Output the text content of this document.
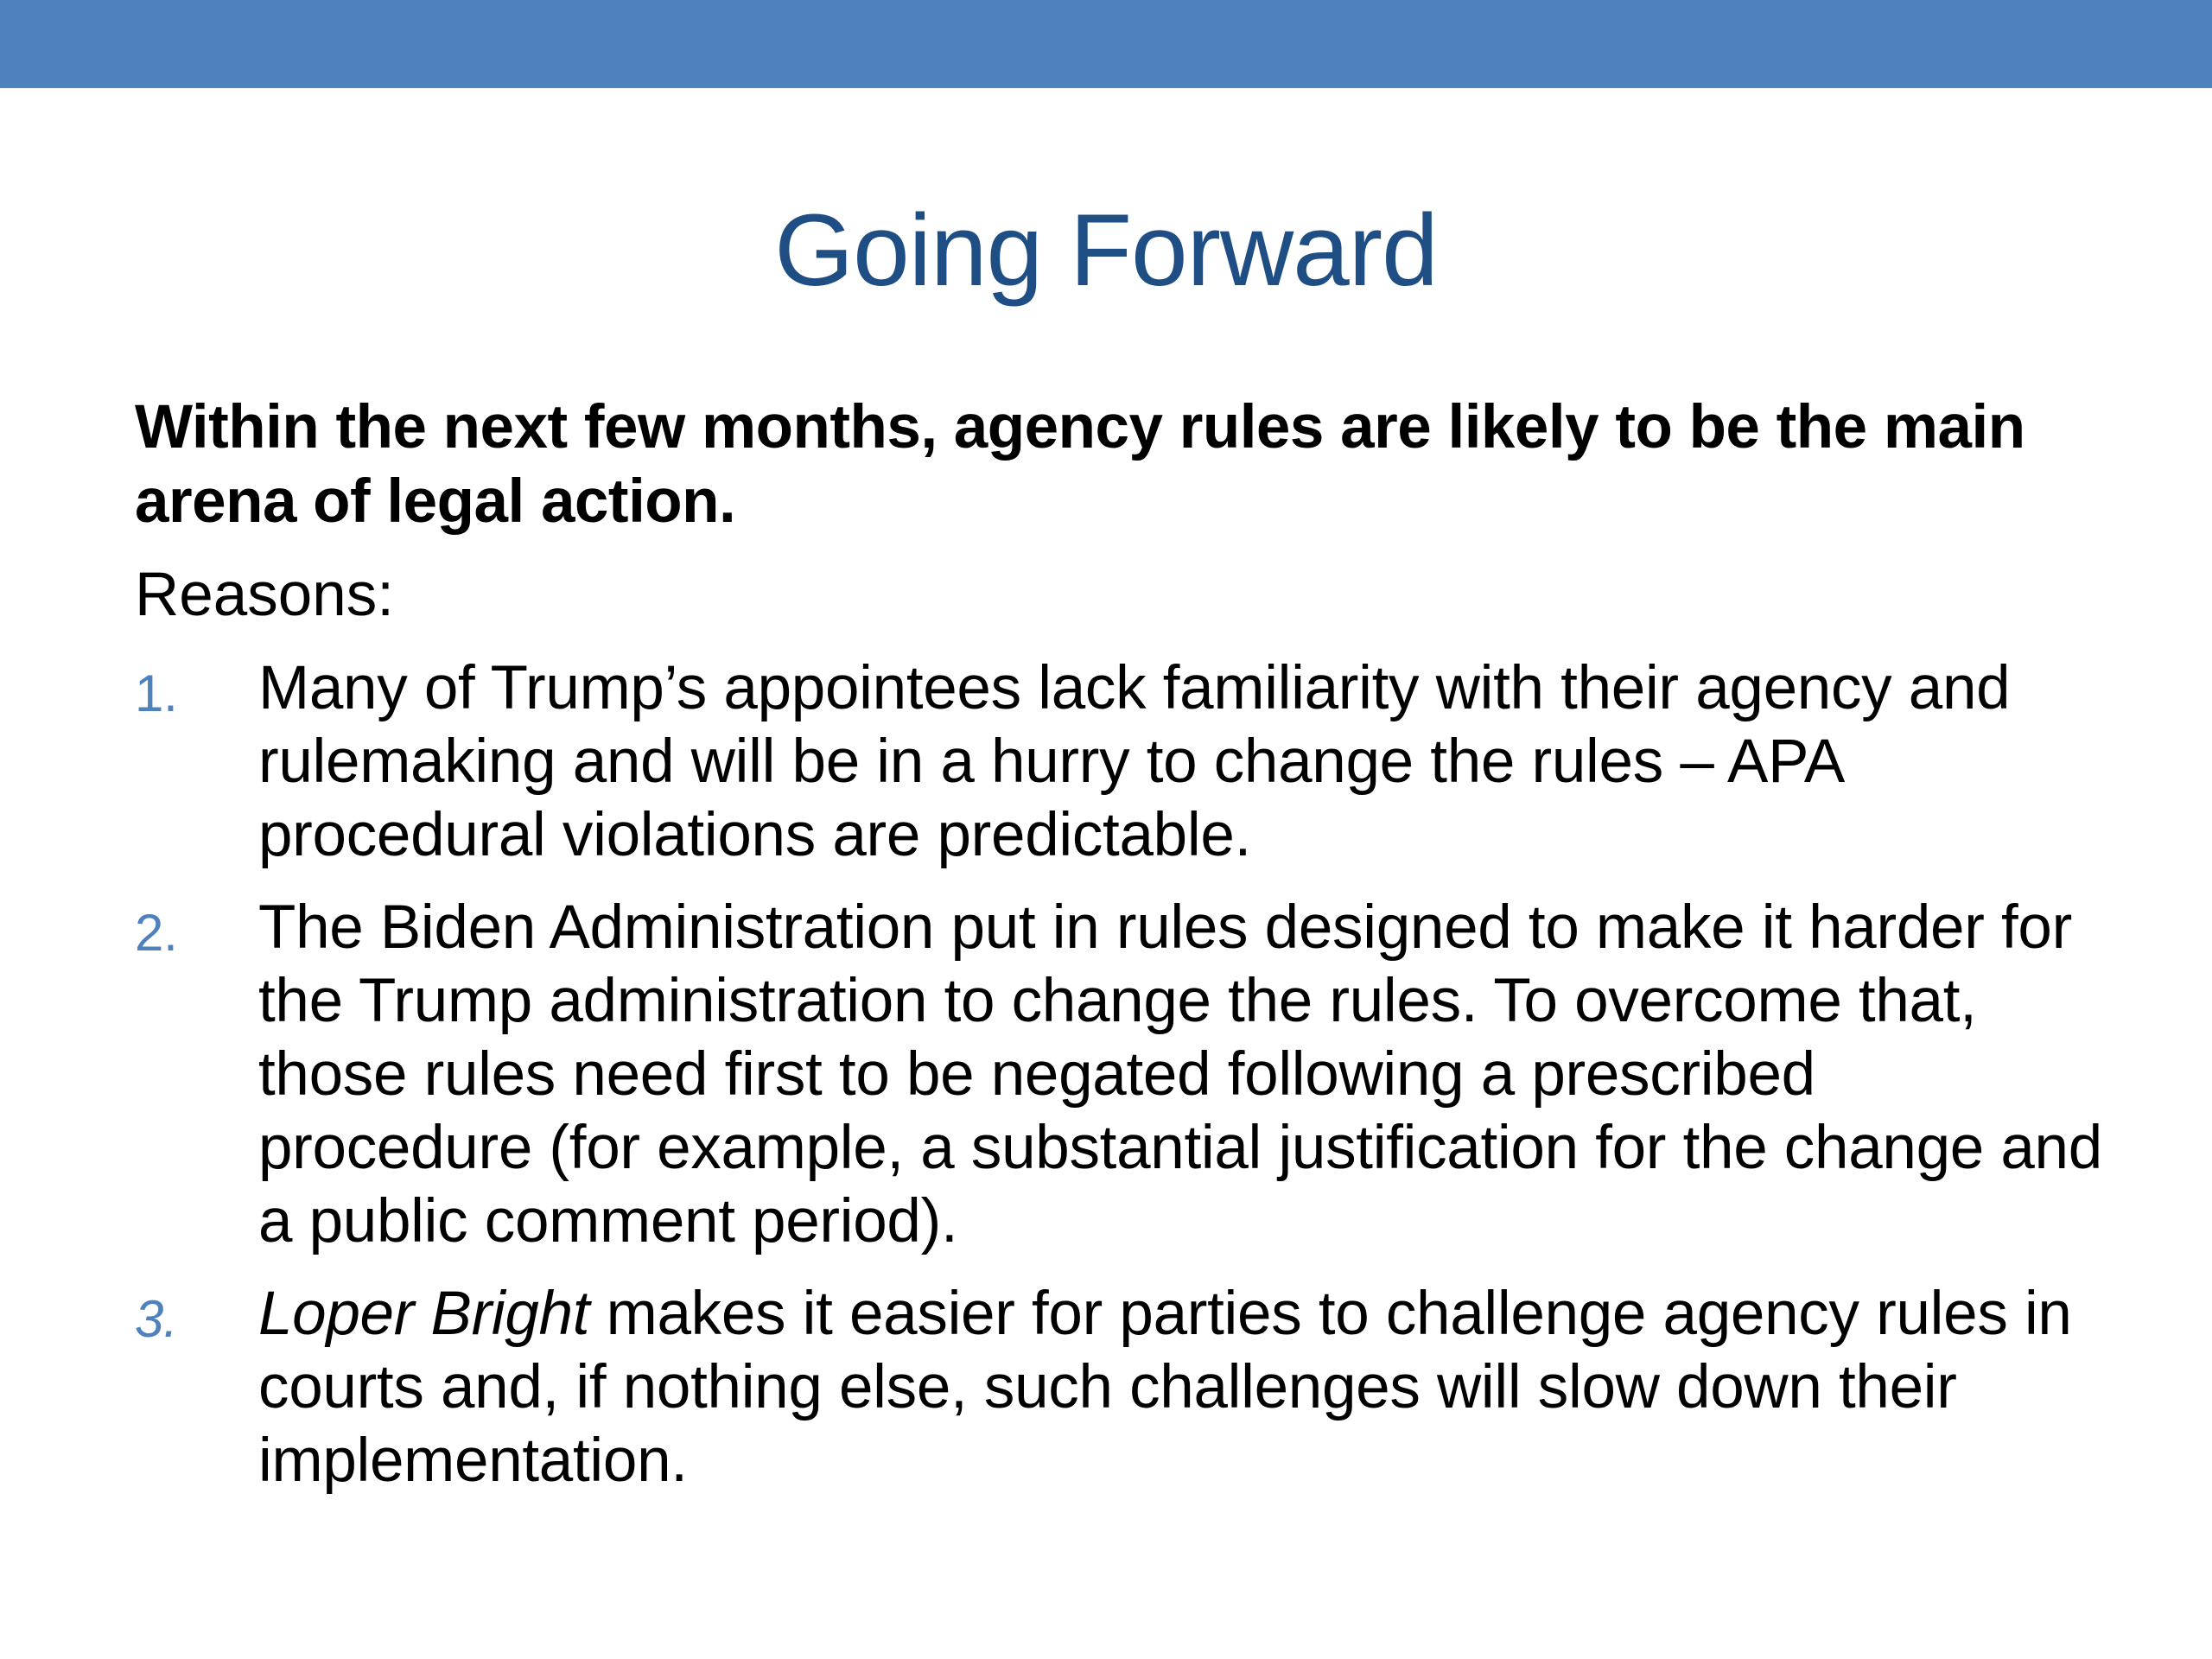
Going Forward

Within the next few months, agency rules are likely to be the main arena of legal action.

Reasons:

1. Many of Trump’s appointees lack familiarity with their agency and rulemaking and will be in a hurry to change the rules – APA procedural violations are predictable.
2. The Biden Administration put in rules designed to make it harder for the Trump administration to change the rules. To overcome that, those rules need first to be negated following a prescribed procedure (for example, a substantial justification for the change and a public comment period).
3. Loper Bright makes it easier for parties to challenge agency rules in courts and, if nothing else, such challenges will slow down their implementation.
